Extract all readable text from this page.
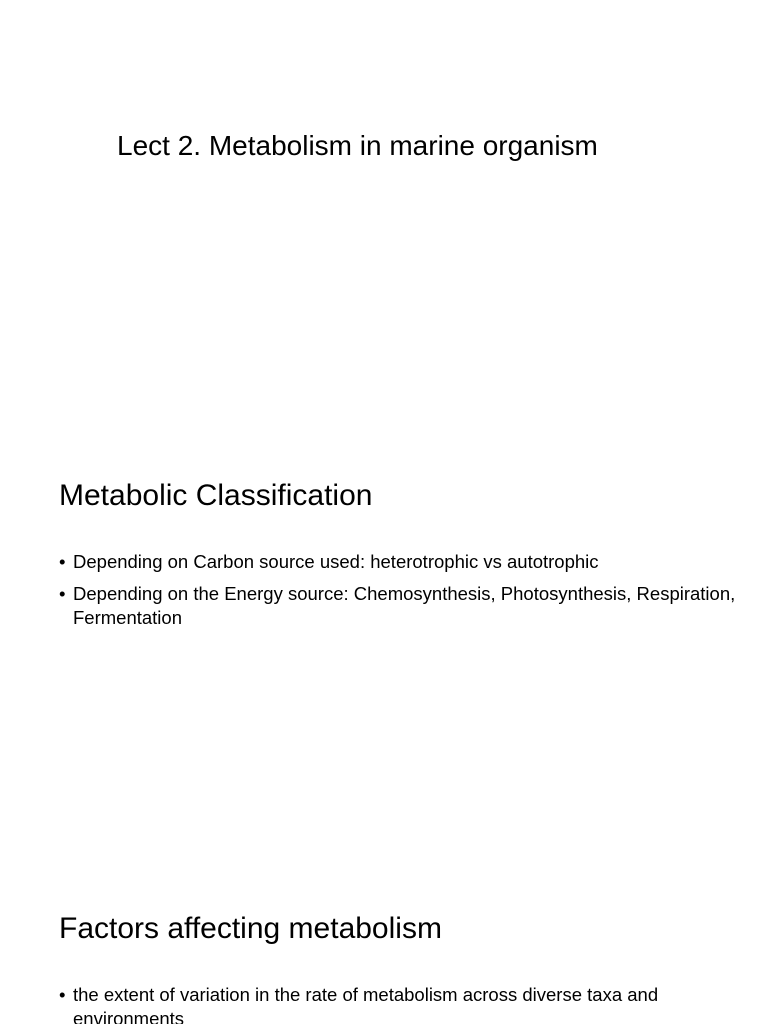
Lect 2. Metabolism in marine organism
Metabolic Classification
• Depending on Carbon source used: heterotrophic vs autotrophic
• Depending on the Energy source: Chemosynthesis, Photosynthesis, Respiration, Fermentation
Factors affecting metabolism
• the extent of variation in the rate of metabolism across diverse taxa and environments
